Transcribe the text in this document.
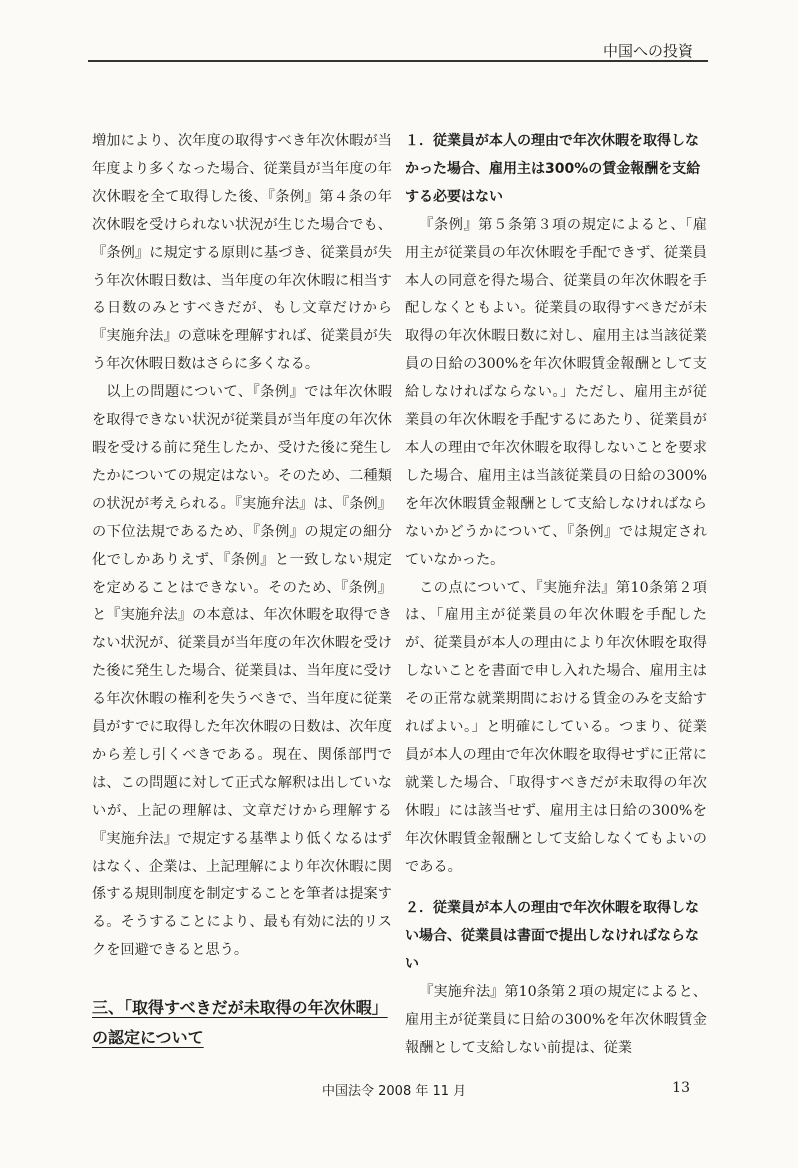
中国への投資

増加により、次年度の取得すべき年次休暇が当年度より多くなった場合、従業員が当年度の年次休暇を全て取得した後、『条例』第４条の年次休暇を受けられない状況が生じた場合でも、『条例』に規定する原則に基づき、従業員が失う年次休暇日数は、当年度の年次休暇に相当する日数のみとすべきだが、もし文章だけから『実施弁法』の意味を理解すれば、従業員が失う年次休暇日数はさらに多くなる。

以上の問題について、『条例』では年次休暇を取得できない状況が従業員が当年度の年次休暇を受ける前に発生したか、受けた後に発生したかについての規定はない。そのため、二種類の状況が考えられる。『実施弁法』は、『条例』の下位法規であるため、『条例』の規定の細分化でしかありえず、『条例』と一致しない規定を定めることはできない。そのため、『条例』と『実施弁法』の本意は、年次休暇を取得できない状況が、従業員が当年度の年次休暇を受けた後に発生した場合、従業員は、当年度に受ける年次休暇の権利を失うべきで、当年度に従業員がすでに取得した年次休暇の日数は、次年度から差し引くべきである。現在、関係部門では、この問題に対して正式な解釈は出していないが、上記の理解は、文章だけから理解する『実施弁法』で規定する基準より低くなるはずはなく、企業は、上記理解により年次休暇に関係する規則制度を制定することを筆者は提案する。そうすることにより、最も有効に法的リスクを回避できると思う。

三、「取得すべきだが未取得の年次休暇」の認定について

１．従業員が本人の理由で年次休暇を取得しなかった場合、雇用主は300%の賃金報酬を支給する必要はない

『条例』第５条第３項の規定によると、「雇用主が従業員の年次休暇を手配できず、従業員本人の同意を得た場合、従業員の年次休暇を手配しなくともよい。従業員の取得すべきだが未取得の年次休暇日数に対し、雇用主は当該従業員の日給の300%を年次休暇賃金報酬として支給しなければならない。」ただし、雇用主が従業員の年次休暇を手配するにあたり、従業員が本人の理由で年次休暇を取得しないことを要求した場合、雇用主は当該従業員の日給の300%を年次休暇賃金報酬として支給しなければならないかどうかについて、『条例』では規定されていなかった。

この点について、『実施弁法』第10条第２項は、「雇用主が従業員の年次休暇を手配したが、従業員が本人の理由により年次休暇を取得しないことを書面で申し入れた場合、雇用主はその正常な就業期間における賃金のみを支給すればよい。」と明確にしている。つまり、従業員が本人の理由で年次休暇を取得せずに正常に就業した場合、「取得すべきだが未取得の年次休暇」には該当せず、雇用主は日給の300%を年次休暇賃金報酬として支給しなくてもよいのである。

２．従業員が本人の理由で年次休暇を取得しない場合、従業員は書面で提出しなければならない

『実施弁法』第10条第２項の規定によると、雇用主が従業員に日給の300%を年次休暇賃金報酬として支給しない前提は、従業

中国法令 2008 年 11 月	13
